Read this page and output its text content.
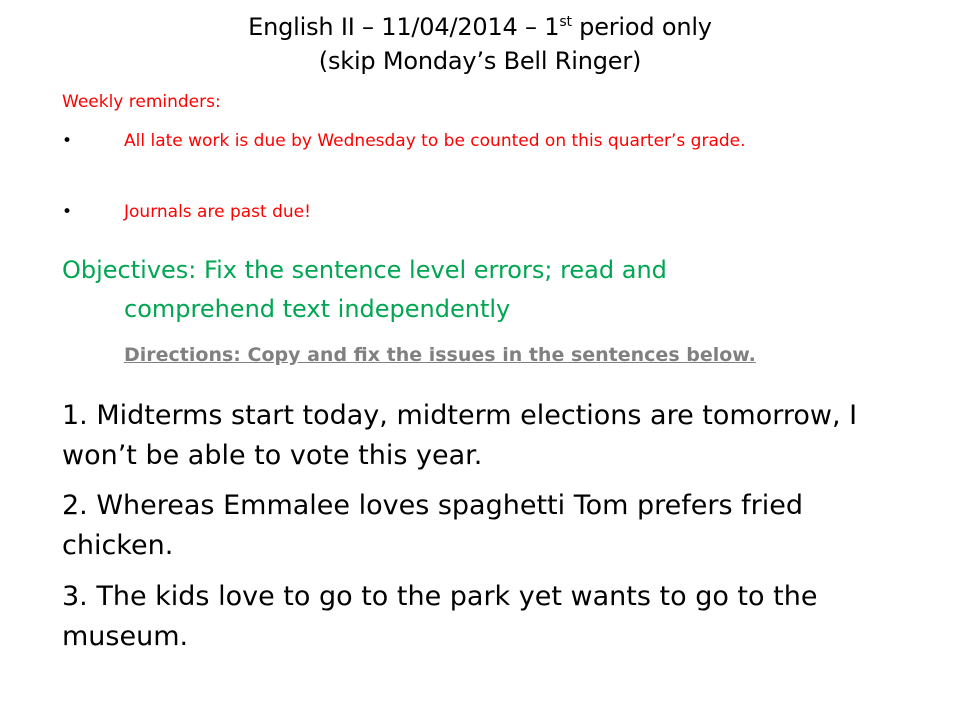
English II – 11/04/2014 – 1st period only
(skip Monday’s Bell Ringer)
Weekly reminders:
•	All late work is due by Wednesday to be counted on this quarter’s grade.
•	Journals are past due!
Objectives: Fix the sentence level errors; read and
comprehend text independently
Directions: Copy and fix the issues in the sentences below.
1. Midterms start today, midterm elections are tomorrow, I won’t be able to vote this year.
2. Whereas Emmalee loves spaghetti Tom prefers fried chicken.
3. The kids love to go to the park yet wants to go to the museum.
